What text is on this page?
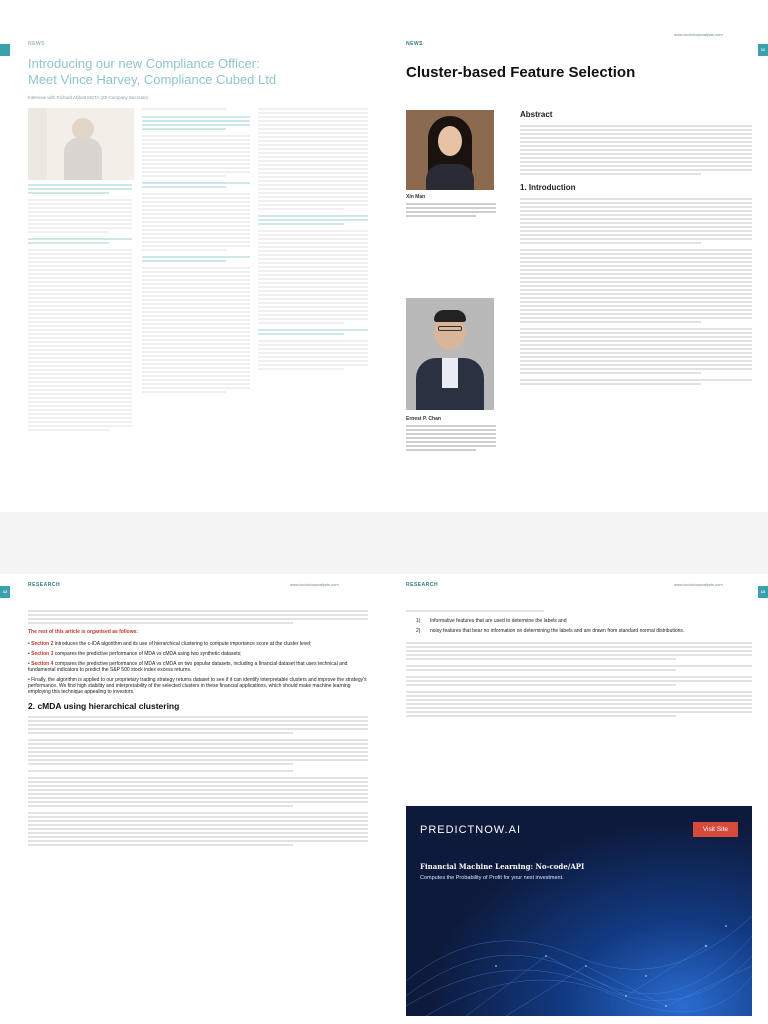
NEWS
Introducing our new Compliance Officer:
Meet Vince Harvey, Compliance Cubed Ltd
Interview with Richard Abbott MSTA (Z9 Company Secretary
www.technicalanalysts.com
11
NEWS
Cluster-based Feature Selection
Xin Man
Ernest P. Chan
Abstract
1. Introduction
12
RESEARCH	www.technicalanalysts.com
The rest of this article is organised as follows:
• Section 2 introduces the c-IDA algorithm and its use of hierarchical clustering to compute importance score at the cluster level;
• Section 3 compares the predictive performance of MDA vs cMDA using two synthetic datasets;
• Section 4 compares the predictive performance of MDA vs cMDA on two popular datasets, including a financial dataset that uses technical and fundamental indicators to predict the S&P 500 stock index excess returns.
• Finally, the algorithm is applied to our proprietary trading strategy returns dataset to see if it can identify interpretable clusters and improve the strategy's performance. We find high stability and interpretability of the selected clusters in these financial applications, which should make machine learning employing this technique appealing to investors.
2. cMDA using hierarchical clustering
13
RESEARCH	www.technicalanalysts.com
1) Informative features that are used to determine the labels and
2) noisy features that bear no information on determining the labels and are drawn from standard normal distributions.
PREDICTNOW.AI	Visit Site
Financial Machine Learning: No-code/API
Computes the Probability of Profit for your next investment.
